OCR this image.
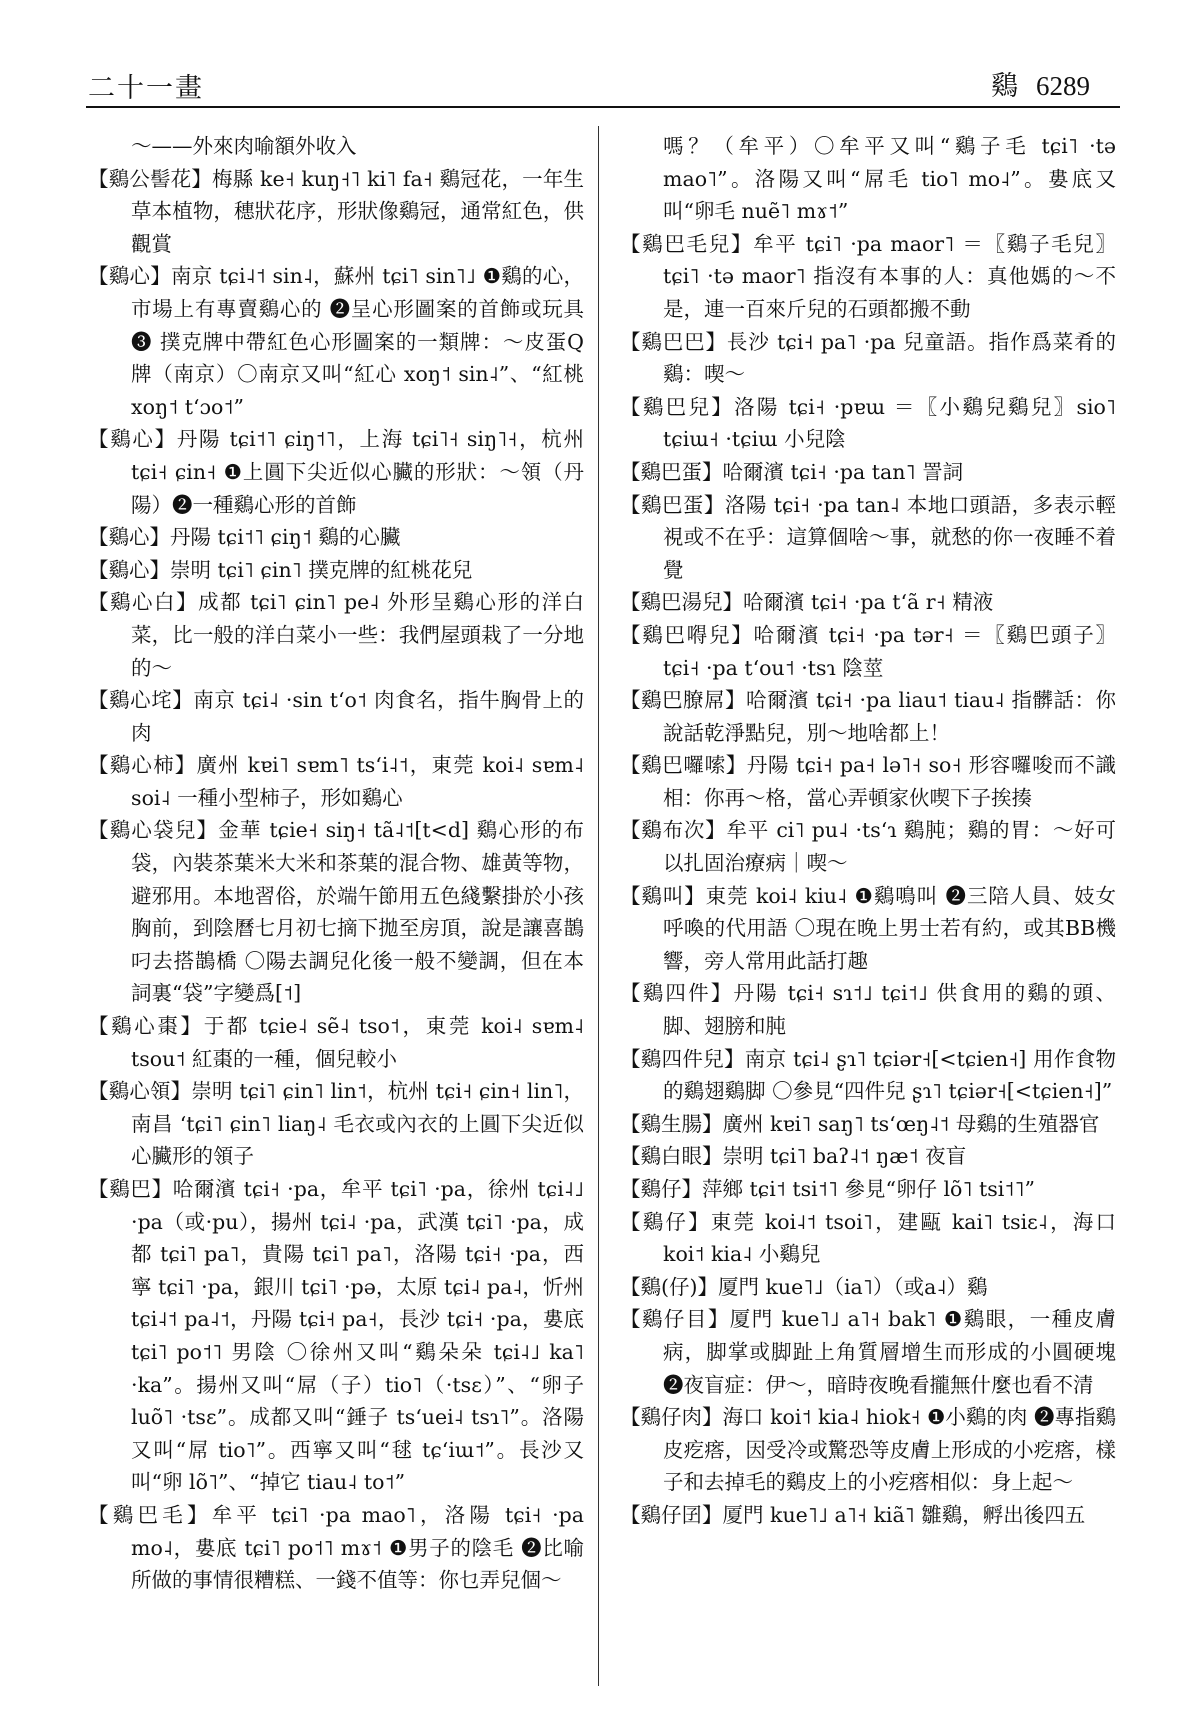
二十一畫	鷄 6289
～——外來肉喻額外收入
【鷄公髻花】梅縣 ke˧ kuŋ˧˥ ki˥ fa˧ 鷄冠花，一年生草本植物，穗狀花序，形狀像鷄冠，通常紅色，供觀賞
【鷄心】南京 tɕi˨˦ sin˨，蘇州 tɕi˥ sin˥˩ ❶鷄的心，市場上有專賣鷄心的 ❷呈心形圖案的首飾或玩具 ❸ 撲克牌中帶紅色心形圖案的一類牌：～皮蛋Q牌（南京）〇南京又叫“紅心 xoŋ˦ sin˨”、“紅桃 xoŋ˦ t‘ɔo˦”
【鷄心】丹陽 tɕi˦˥ ɕiŋ˦˥，上海 tɕi˥˧ siŋ˥˧，杭州 tɕi˧ ɕin˧ ❶上圓下尖近似心臟的形狀：～領（丹陽）❷一種鷄心形的首飾
【鷄心】丹陽 tɕi˦˥ ɕiŋ˦ 鷄的心臟
【鷄心】崇明 tɕi˥ ɕin˥ 撲克牌的紅桃花兒
【鷄心白】成都 tɕi˥ ɕin˥ pe˨ 外形呈鷄心形的洋白菜，比一般的洋白菜小一些：我們屋頭栽了一分地的～
【鷄心垞】南京 tɕi˨ ·sin t‘o˦ 肉食名，指牛胸骨上的肉
【鷄心柿】廣州 kɐi˥ sɐm˥ ts‘i˨˦，東莞 koi˨ sɐm˨ soi˨ 一種小型柿子，形如鷄心
【鷄心袋兒】金華 tɕie˧ siŋ˧ tã˨˦[t<d] 鷄心形的布袋，內裝茶葉米大米和茶葉的混合物、雄黃等物，避邪用。本地習俗，於端午節用五色綫繫掛於小孩胸前，到陰曆七月初七摘下拋至房頂，說是讓喜鵲叼去搭鵲橋 〇陽去調兒化後一般不變調，但在本詞裏“袋”字變爲[˦]
【鷄心棗】于都 tɕie˨ sẽ˨ tso˦，東莞 koi˨ sɐm˨ tsou˦ 紅棗的一種，個兒較小
【鷄心領】崇明 tɕi˥ ɕin˥ lin˦，杭州 tɕi˧ ɕin˧ lin˥，南昌 ‘tɕi˥ ɕin˥ liaŋ˨ 毛衣或內衣的上圓下尖近似心臟形的領子
【鷄巴】哈爾濱 tɕi˧ ·pa，牟平 tɕi˥ ·pa，徐州 tɕi˨˩ ·pa（或·pu），揚州 tɕi˨ ·pa，武漢 tɕi˥ ·pa，成都 tɕi˥ pa˥，貴陽 tɕi˥ pa˥，洛陽 tɕi˧ ·pa，西寧 tɕi˥ ·pa，銀川 tɕi˥ ·pə，太原 tɕi˨ pa˨，忻州 tɕi˨˦ pa˨˦，丹陽 tɕi˧ pa˧，長沙 tɕi˧ ·pa，婁底 tɕi˥ po˦˥ 男陰 〇徐州又叫“鷄朵朵 tɕi˨˩ ka˥ ·ka”。揚州又叫“屌（子）tio˥（·tsɛ）”、“卵子 luõ˥ ·tsɛ”。成都又叫“錘子 ts‘uei˨ tsɿ˥”。洛陽又叫“屌 tio˥”。西寧又叫“毬 tɕ‘iɯ˦”。長沙又叫“卵 lõ˥”、“掉它 tiau˨ to˦”
【鷄巴毛】牟平 tɕi˥ ·pa mao˥，洛陽 tɕi˧ ·pa mo˨，婁底 tɕi˥ po˦˥ mɤ˦ ❶男子的陰毛 ❷比喻所做的事情很糟糕、一錢不值等：你乜弄兒個～
嗎？（牟平）〇牟平又叫“鷄子毛 tɕi˥ ·tə mao˥”。洛陽又叫“屌毛 tio˥ mo˨”。婁底又叫“卵毛 nuẽ˥ mɤ˦”
【鷄巴毛兒】牟平 tɕi˥ ·pa maor˥ ＝〖鷄子毛兒〗tɕi˥ ·tə maor˥ 指沒有本事的人：真他媽的～不是，連一百來斤兒的石頭都搬不動
【鷄巴巴】長沙 tɕi˧ pa˥ ·pa 兒童語。指作爲菜肴的鷄：喫～
【鷄巴兒】洛陽 tɕi˧ ·pɐɯ ＝〖小鷄兒鷄兒〗sio˥ tɕiɯ˧ ·tɕiɯ 小兒陰
【鷄巴蛋】哈爾濱 tɕi˧ ·pa tan˥ 詈詞
【鷄巴蛋】洛陽 tɕi˧ ·pa tan˨ 本地口頭語，多表示輕視或不在乎：這算個啥～事，就愁的你一夜睡不着覺
【鷄巴湯兒】哈爾濱 tɕi˧ ·pa t‘ã r˧ 精液
【鷄巴嘚兒】哈爾濱 tɕi˧ ·pa tər˧ ＝〖鷄巴頭子〗tɕi˧ ·pa t‘ou˦ ·tsɿ 陰莖
【鷄巴膫屌】哈爾濱 tɕi˧ ·pa liau˦ tiau˨ 指髒話：你說話乾淨點兒，別～地啥都上！
【鷄巴囉嗦】丹陽 tɕi˧ pa˧ lə˥˧ so˧ 形容囉唆而不識相：你再～格，當心弄頓家伙喫下子挨揍
【鷄布次】牟平 ci˥ pu˨ ·ts‘ɿ 鷄肫；鷄的胃：～好可以扎固治療病｜喫～
【鷄叫】東莞 koi˨ kiu˨ ❶鷄鳴叫 ❷三陪人員、妓女呼喚的代用語 〇現在晚上男士若有約，或其BB機響，旁人常用此話打趣
【鷄四件】丹陽 tɕi˧ sɿ˦˩ tɕi˦˩ 供食用的鷄的頭、脚、翅膀和肫
【鷄四件兒】南京 tɕi˨ ʂɿ˥ tɕiər˧[<tɕien˧] 用作食物的鷄翅鷄脚 〇參見“四件兒 ʂɿ˥ tɕiər˧[<tɕien˧]”
【鷄生腸】廣州 kɐi˥ saŋ˥ ts‘œŋ˨˦ 母鷄的生殖器官
【鷄白眼】崇明 tɕi˥ baʔ˨˦ ŋæ˦ 夜盲
【鷄仔】萍鄉 tɕi˦ tsi˦˥ 參見“卵仔 lõ˥ tsi˦˥”
【鷄仔】東莞 koi˨˦ tsoi˥，建甌 kai˥ tsiɛ˨，海口 koi˦ kia˨ 小鷄兒
【鷄(仔)】厦門 kue˥˩（ia˥）（或a˨）鷄
【鷄仔目】厦門 kue˥˩ a˥˧ bak˥ ❶鷄眼，一種皮膚病，脚掌或脚趾上角質層增生而形成的小圓硬塊 ❷夜盲症：伊～，暗時夜晚看攏無什麼也看不清
【鷄仔肉】海口 koi˦ kia˨ hiok˧ ❶小鷄的肉 ❷專指鷄皮疙瘩，因受冷或驚恐等皮膚上形成的小疙瘩，樣子和去掉毛的鷄皮上的小疙瘩相似：身上起～
【鷄仔囝】厦門 kue˥˩ a˥˧ kiã˥ 雛鷄，孵出後四五
